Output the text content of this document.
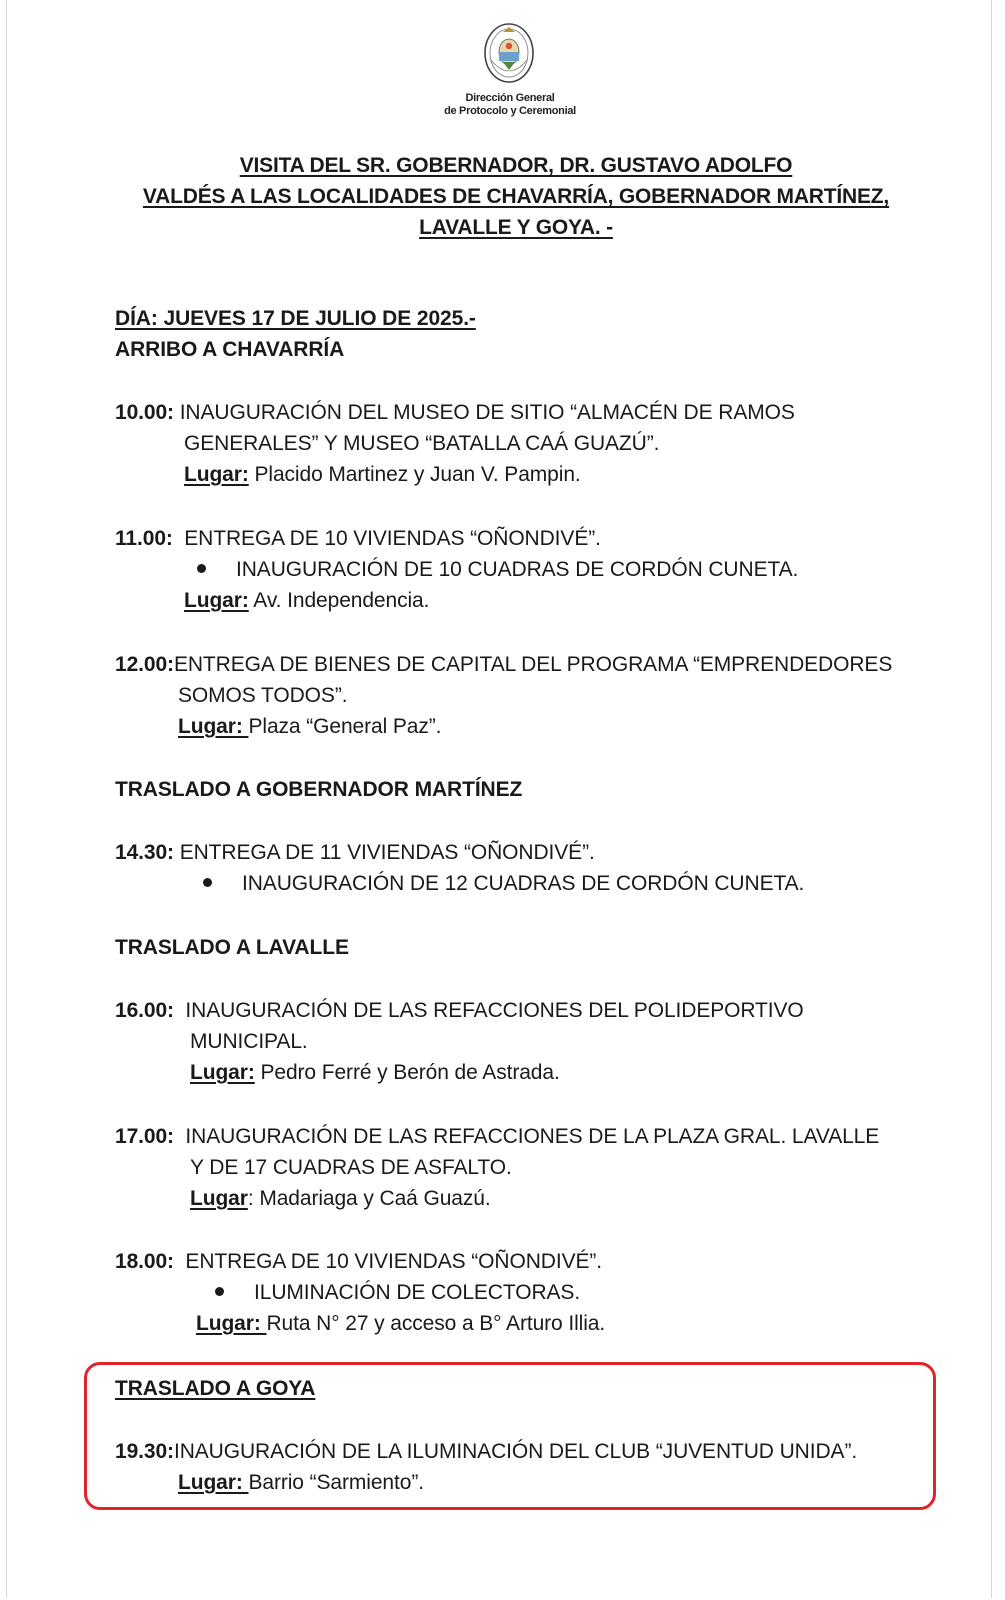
Dirección General
de Protocolo y Ceremonial
VISITA DEL SR. GOBERNADOR, DR. GUSTAVO ADOLFO
VALDÉS A LAS LOCALIDADES DE CHAVARRÍA, GOBERNADOR MARTÍNEZ,
LAVALLE Y GOYA. -
DÍA: JUEVES 17 DE JULIO DE 2025.-
ARRIBO A CHAVARRÍA
10.00: INAUGURACIÓN DEL MUSEO DE SITIO “ALMACÉN DE RAMOS
GENERALES” Y MUSEO “BATALLA CAÁ GUAZÚ”.
Lugar: Placido Martinez y Juan V. Pampin.
11.00:  ENTREGA DE 10 VIVIENDAS “OÑONDIVÉ”.
INAUGURACIÓN DE 10 CUADRAS DE CORDÓN CUNETA.
Lugar: Av. Independencia.
12.00:ENTREGA DE BIENES DE CAPITAL DEL PROGRAMA “EMPRENDEDORES
SOMOS TODOS”.
Lugar: Plaza “General Paz”.
TRASLADO A GOBERNADOR MARTÍNEZ
14.30: ENTREGA DE 11 VIVIENDAS “OÑONDIVÉ”.
INAUGURACIÓN DE 12 CUADRAS DE CORDÓN CUNETA.
TRASLADO A LAVALLE
16.00:  INAUGURACIÓN DE LAS REFACCIONES DEL POLIDEPORTIVO
MUNICIPAL.
Lugar: Pedro Ferré y Berón de Astrada.
17.00:  INAUGURACIÓN DE LAS REFACCIONES DE LA PLAZA GRAL. LAVALLE
Y DE 17 CUADRAS DE ASFALTO.
Lugar: Madariaga y Caá Guazú.
18.00:  ENTREGA DE 10 VIVIENDAS “OÑONDIVÉ”.
ILUMINACIÓN DE COLECTORAS.
Lugar: Ruta N° 27 y acceso a B° Arturo Illia.
TRASLADO A GOYA
19.30:INAUGURACIÓN DE LA ILUMINACIÓN DEL CLUB “JUVENTUD UNIDA”.
Lugar: Barrio “Sarmiento”.
